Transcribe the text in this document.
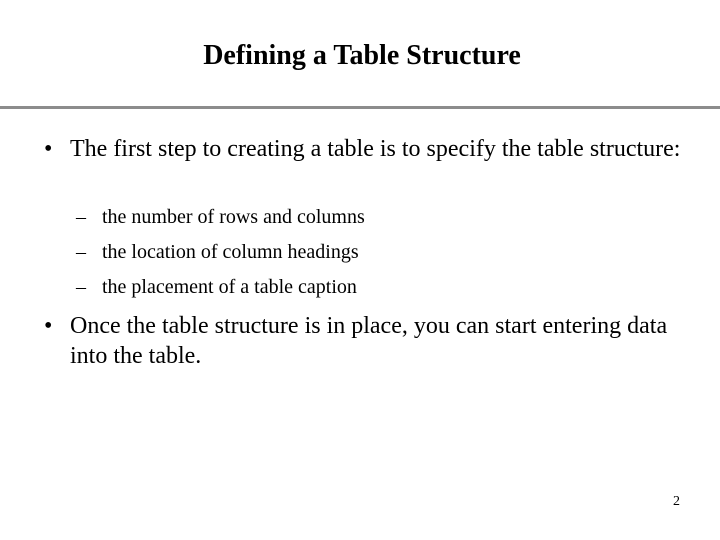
Defining a Table Structure
• The first step to creating a table is to specify the table structure:
– the number of rows and columns
– the location of column headings
– the placement of a table caption
• Once the table structure is in place, you can start entering data into the table.
2
